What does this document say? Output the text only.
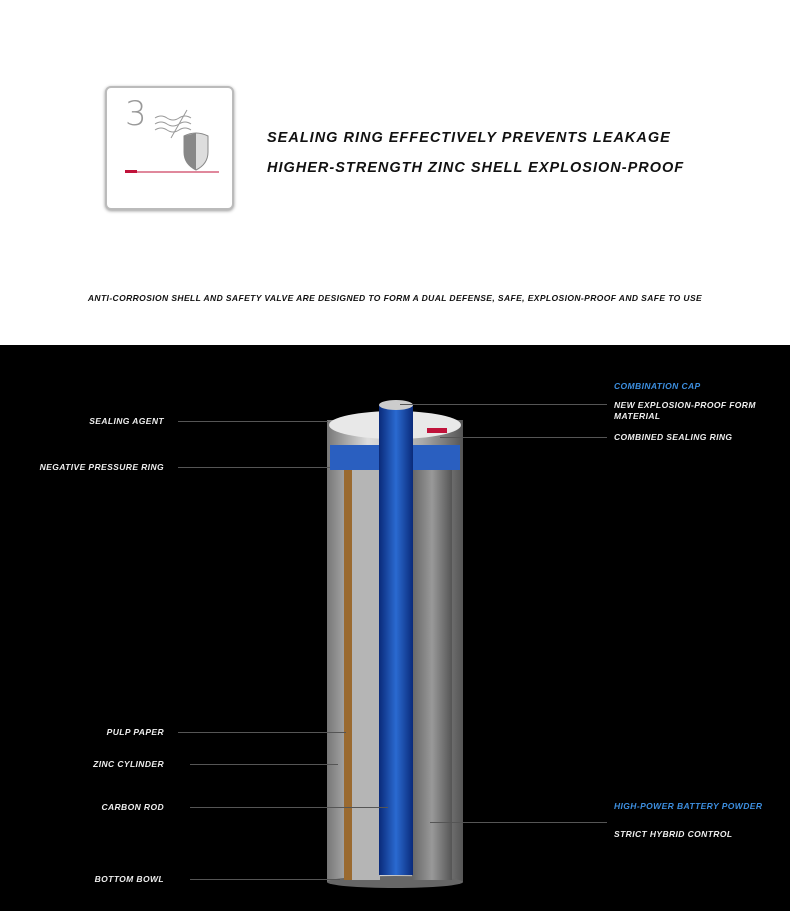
3
SEALING RING EFFECTIVELY PREVENTS LEAKAGE
HIGHER-STRENGTH ZINC SHELL EXPLOSION-PROOF
ANTI-CORROSION SHELL AND SAFETY VALVE ARE DESIGNED TO FORM A DUAL DEFENSE, SAFE, EXPLOSION-PROOF AND SAFE TO USE
SEALING AGENT
NEGATIVE PRESSURE RING
PULP PAPER
ZINC CYLINDER
CARBON ROD
BOTTOM BOWL
COMBINATION CAP
NEW EXPLOSION-PROOF FORM MATERIAL
COMBINED SEALING RING
HIGH-POWER BATTERY POWDER
STRICT HYBRID CONTROL
